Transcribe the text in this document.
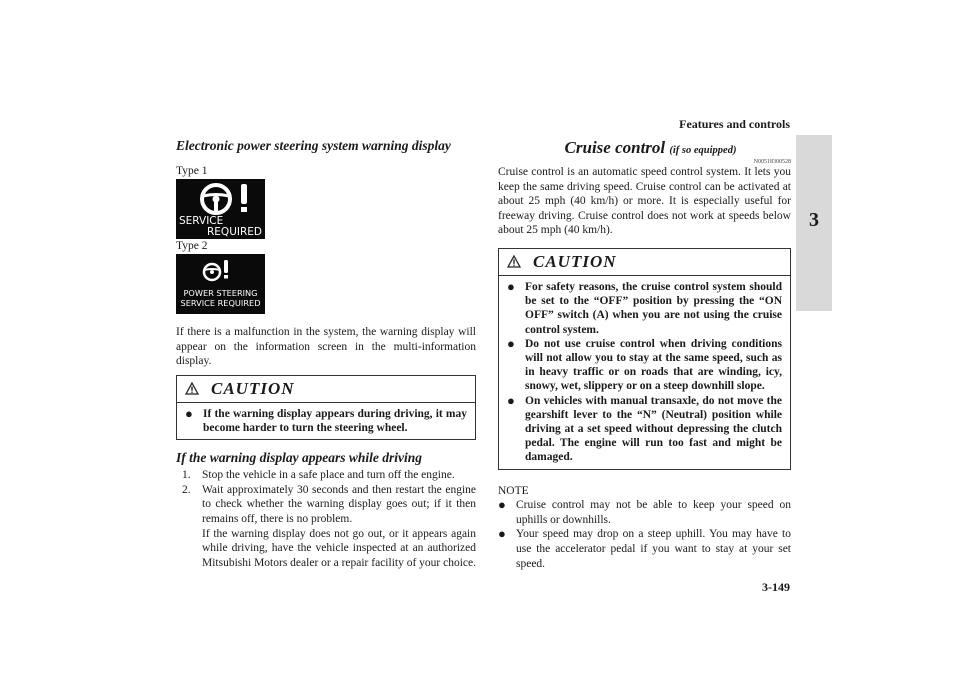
Features and controls
3

Electronic power steering system warning display

Type 1

SERVICE
REQUIRED

Type 2

POWER STEERING
SERVICE REQUIRED

If there is a malfunction in the system, the warning display will appear on the information screen in the multi-information display.

CAUTION
● If the warning display appears during driving, it may become harder to turn the steering wheel.

If the warning display appears while driving

1. Stop the vehicle in a safe place and turn off the engine.
2. Wait approximately 30 seconds and then restart the engine to check whether the warning display goes out; if it then remains off, there is no problem.
If the warning display does not go out, or it appears again while driving, have the vehicle inspected at an authorized Mitsubishi Motors dealer or a repair facility of your choice.
Cruise control (if so equipped)
N00518300528

Cruise control is an automatic speed control system. It lets you keep the same driving speed. Cruise control can be activated at about 25 mph (40 km/h) or more. It is especially useful for freeway driving. Cruise control does not work at speeds below about 25 mph (40 km/h).

CAUTION
● For safety reasons, the cruise control system should be set to the “OFF” position by pressing the “ON OFF” switch (A) when you are not using the cruise control system.
● Do not use cruise control when driving conditions will not allow you to stay at the same speed, such as in heavy traffic or on roads that are winding, icy, snowy, wet, slippery or on a steep downhill slope.
● On vehicles with manual transaxle, do not move the gearshift lever to the “N” (Neutral) position while driving at a set speed without depressing the clutch pedal. The engine will run too fast and might be damaged.

NOTE

● Cruise control may not be able to keep your speed on uphills or downhills.
● Your speed may drop on a steep uphill. You may have to use the accelerator pedal if you want to stay at your set speed.
3-149
